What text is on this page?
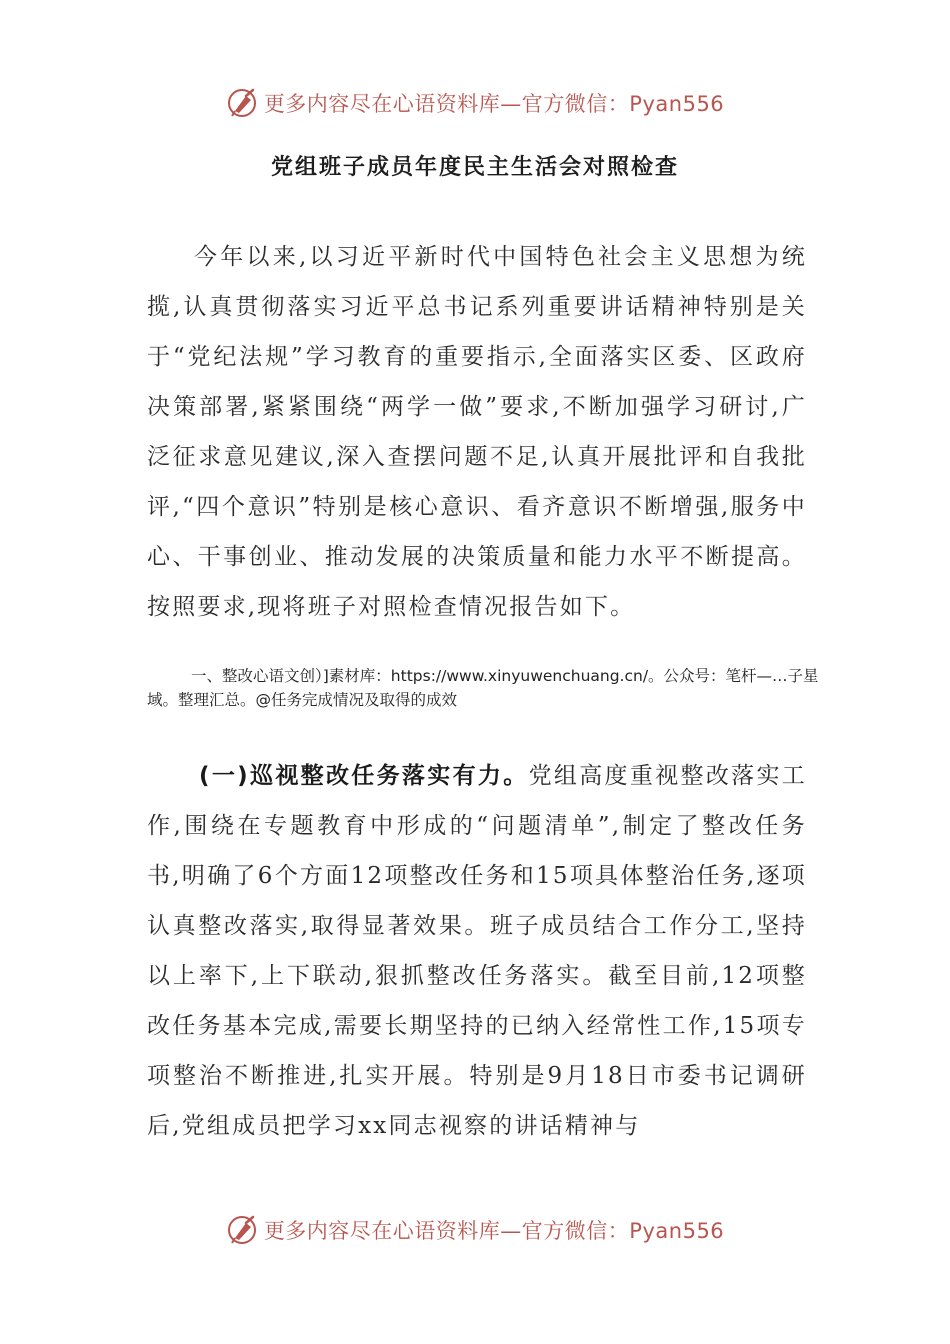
更多内容尽在心语资料库—官方微信：Pyan556
党组班子成员年度民主生活会对照检查
今年以来,以习近平新时代中国特色社会主义思想为统揽,认真贯彻落实习近平总书记系列重要讲话精神特别是关于“党纪法规”学习教育的重要指示,全面落实区委、区政府决策部署,紧紧围绕“两学一做”要求,不断加强学习研讨,广泛征求意见建议,深入查摆问题不足,认真开展批评和自我批评,“四个意识”特别是核心意识、看齐意识不断增强,服务中心、干事创业、推动发展的决策质量和能力水平不断提高。按照要求,现将班子对照检查情况报告如下。
一、整改心语文创）]素材库：https://www.xinyuwenchuang.cn/。公众号：笔杆—…子星域。整理汇总。@任务完成情况及取得的成效
(一)巡视整改任务落实有力。党组高度重视整改落实工作,围绕在专题教育中形成的“问题清单”,制定了整改任务书,明确了6个方面12项整改任务和15项具体整治任务,逐项认真整改落实,取得显著效果。班子成员结合工作分工,坚持以上率下,上下联动,狠抓整改任务落实。截至目前,12项整改任务基本完成,需要长期坚持的已纳入经常性工作,15项专项整治不断推进,扎实开展。特别是9月18日市委书记调研后,党组成员把学习xx同志视察的讲话精神与
更多内容尽在心语资料库—官方微信：Pyan556
